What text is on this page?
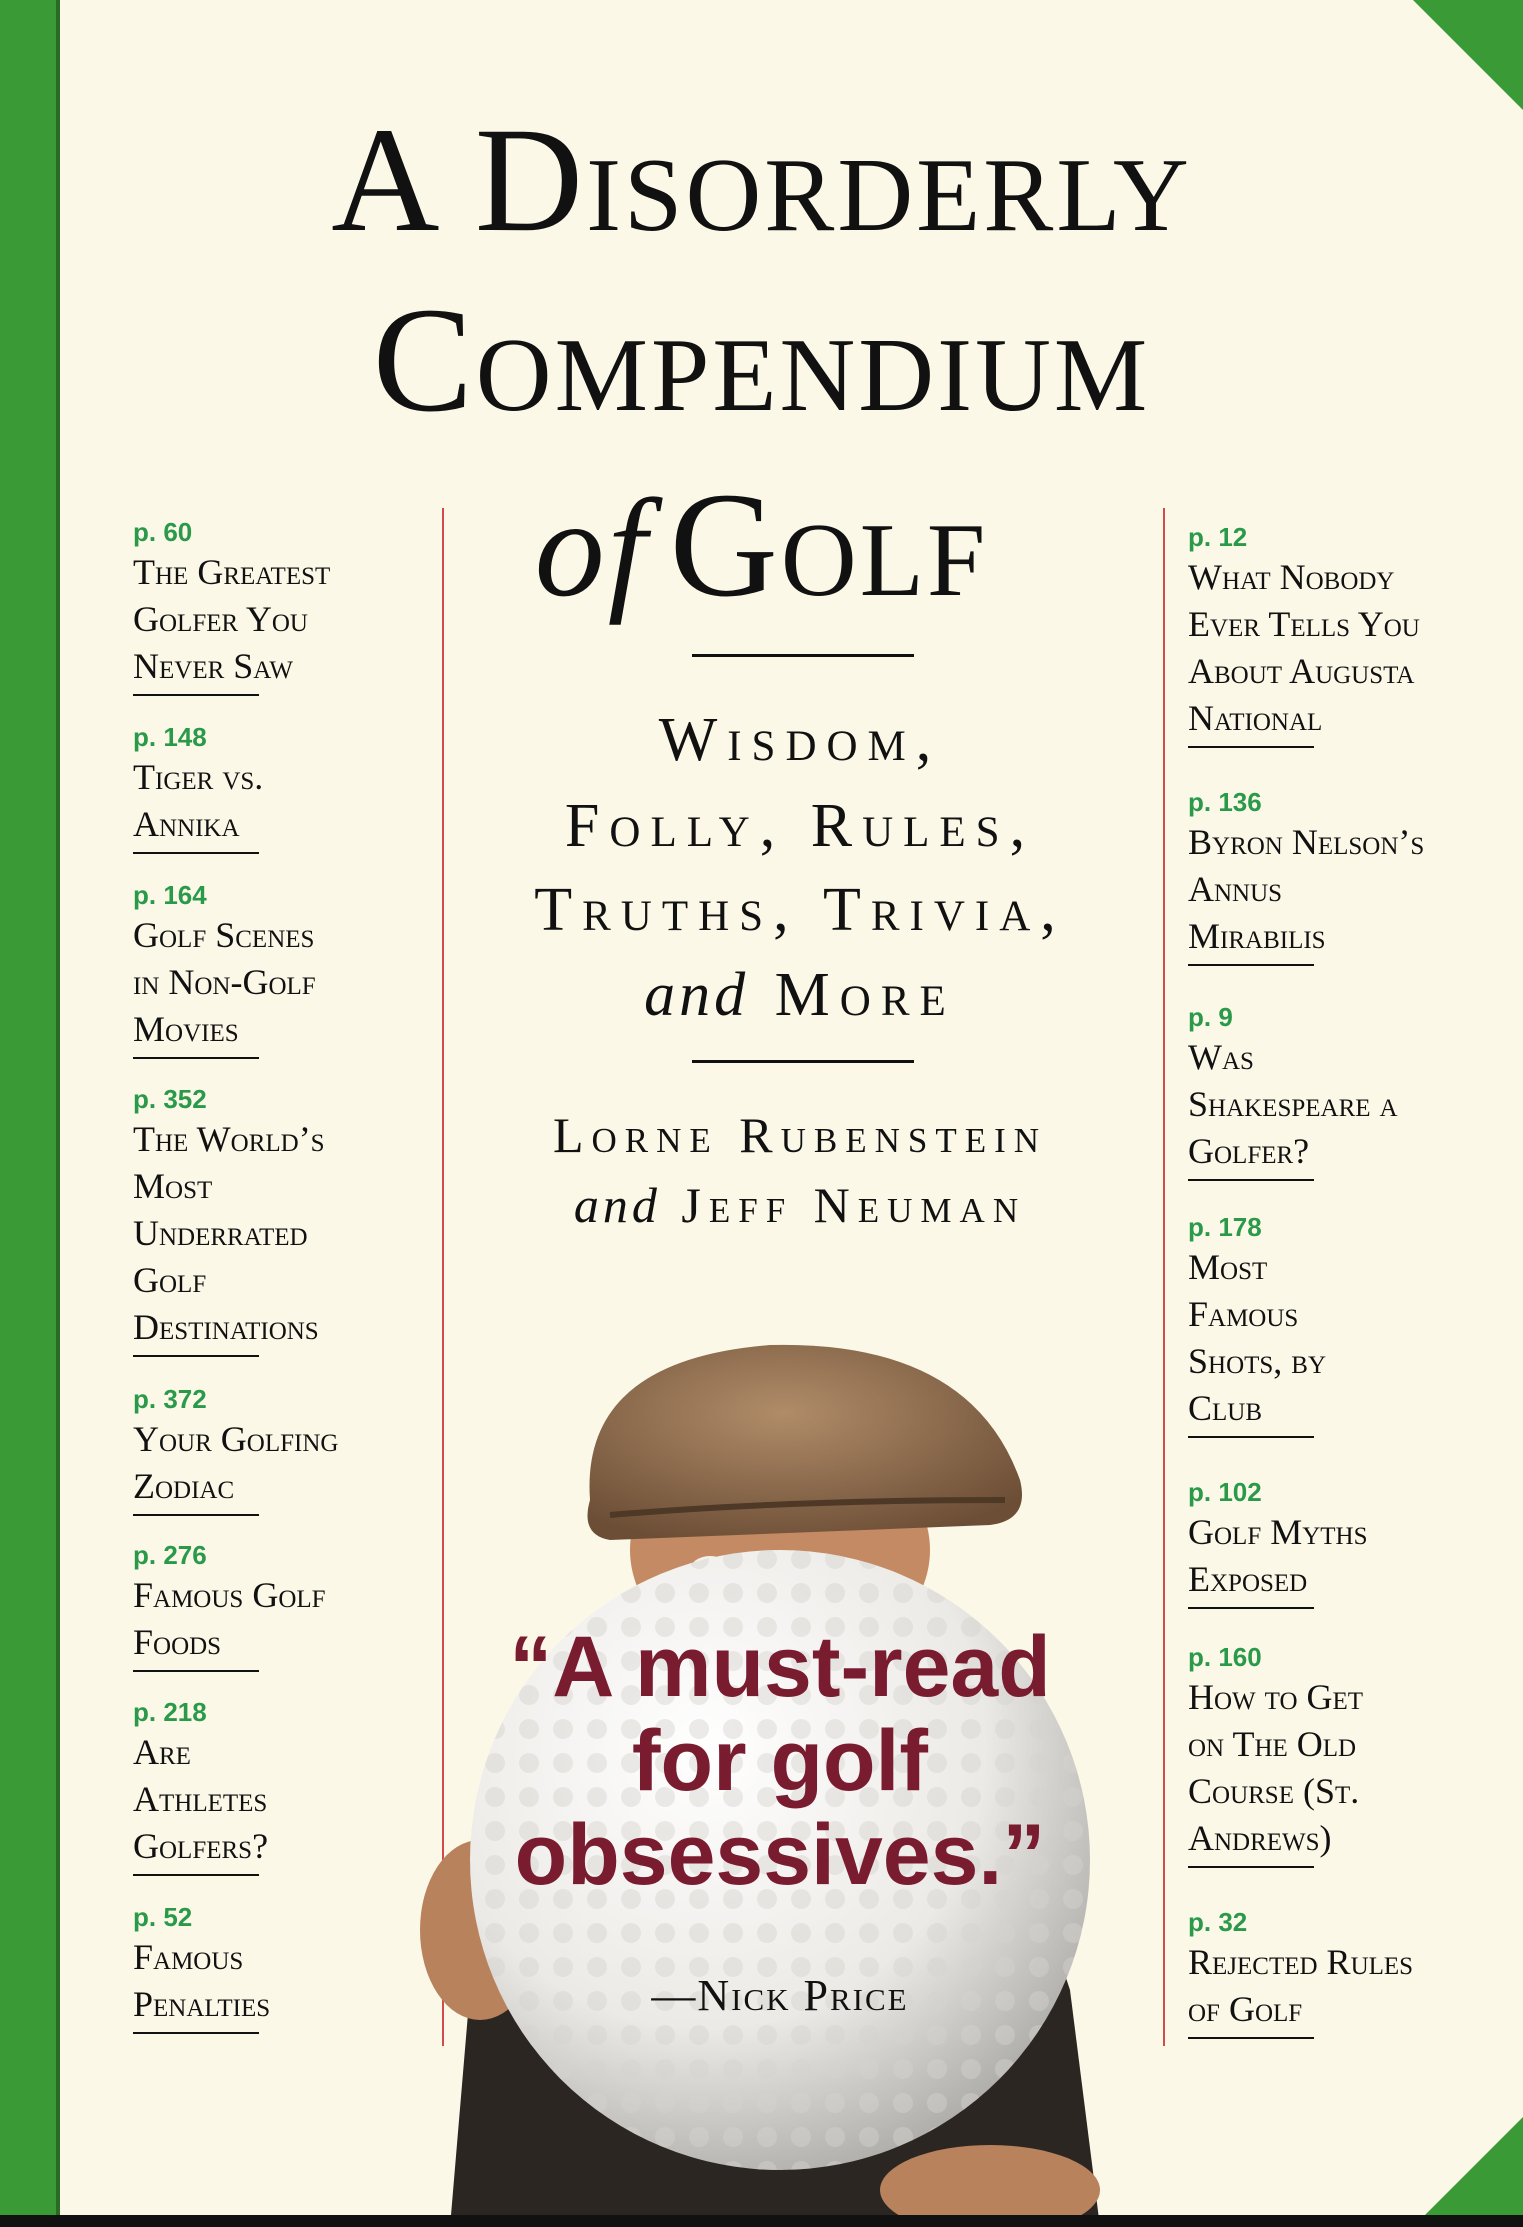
A Disorderly
Compendium
of Golf
Wisdom,
Folly, Rules,
Truths, Trivia,
and More
Lorne Rubenstein
and Jeff Neuman
p. 60
The Greatest
Golfer You
Never Saw
p. 148
Tiger vs.
Annika
p. 164
Golf Scenes
in Non-Golf
Movies
p. 352
The World’s
Most
Underrated
Golf
Destinations
p. 372
Your Golfing
Zodiac
p. 276
Famous Golf
Foods
p. 218
Are
Athletes
Golfers?
p. 52
Famous
Penalties
p. 12
What Nobody
Ever Tells You
About Augusta
National
p. 136
Byron Nelson’s
Annus
Mirabilis
p. 9
Was
Shakespeare a
Golfer?
p. 178
Most
Famous
Shots, by
Club
p. 102
Golf Myths
Exposed
p. 160
How to Get
on The Old
Course (St.
Andrews)
p. 32
Rejected Rules
of Golf
“A must-read for golf obsessives.”
—Nick Price
